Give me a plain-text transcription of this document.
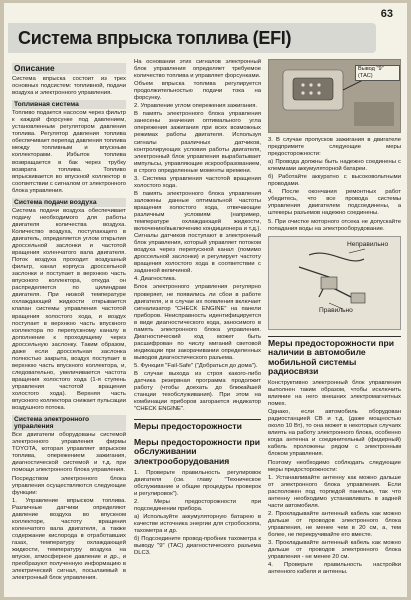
63
Система впрыска топлива (EFI)
Описание

Система впрыска состоит из трех основных подсистем: топливной, подачи воздуха и электронного управления.

Топливная система

Топливо подается насосом через фильтр к каждой форсунке под давлением, установленным регулятором давления топлива. Регулятор давления топлива обеспечивает перепад давления топлива между топливным и впускным коллекторами. Избыток топлива возвращается в бак через трубку возврата топлива. Топливо впрыскивается во впускной коллектор в соответствии с сигналом от электронного блока управления.

Система подачи воздуха

Система подачи воздуха обеспечивает подачу необходимого для работы двигателя количества воздуха. Количество воздуха, поступающего в двигатель, определяется углом открытия дроссельной заслонки и частотой вращения коленчатого вала двигателя. Поток воздуха проходит воздушный фильтр, канал корпуса дроссельной заслонки и поступает в верхнюю часть впускного коллектора, откуда он распределяется по цилиндрам двигателя. При низкой температуре охлаждающей жидкости открывается клапан системы управления частотой вращения холостого хода, и воздух поступает в верхнюю часть впускного коллектора по перепускному каналу в дополнение к проходящему через дроссельную заслонку. Таким образом, даже если дроссельная заслонка полностью закрыта, воздух поступает в верхнюю часть впускного коллектора, и, следовательно, увеличивается частота вращения холостого хода (1-я ступень управления частотой вращения холостого хода). Верхняя часть впускного коллектора снижает пульсации воздушного потока.

Система электронного управления

Все двигатели оборудованы системой электронного управления фирмы TOYOTA, которая управляет впрыском топлива, опережением зажигания, диагностической системой и т.д. при помощи электронного блока управления.

Посредством электронного блока управления осуществляются следующие функции:

1. Управление впрыском топлива. Различные датчики определяют давление воздуха во впускном коллекторе, частоту вращения коленчатого вала двигателя, а также содержание кислорода в отработавших газах, температуру охлаждающей жидкости, температуру воздуха на впуске, атмосферное давление и др., и преобразуют полученную информацию в электрический сигнал, посылаемый в электронный блок управления.

На основании этих сигналов электронный блок управления определяет требуемое количество топлива и управляет форсунками.

Объем впрыска топлива регулируется продолжительностью подачи тока на форсунку.

2. Управление углом опережения зажигания.

В память электронного блока управления занесены значения оптимального угла опережения зажигания при всех возможных режимах работы двигателя. Используя сигналы различных датчиков, контролирующих условия работы двигателя, электронный блок управления вырабатывает импульсы, управляющие искрообразованием, в строго определенные моменты времени.

3. Система управления частотой вращения холостого хода.

В память электронного блока управления заложены данные оптимальной частоты вращения холостого хода, отвечающие различным условиям (например, температуре охлаждающей жидкости, включению/выключению кондиционера и т.д.). Сигналы датчиков поступают в электронный блок управления, который управляет потоком воздуха через перепускной канал (помимо дроссельной заслонки) и регулирует частоту вращения холостого хода в соответствии с заданной величиной.

4. Диагностика.

Блок электронного управления регулярно проверяет, не появились ли сбои в работе двигателя, и в случае их появления включает сигнализатор "CHECK ENGINE" на панели приборов. Неисправность идентифицируется в виде диагностического кода, заносимого в память электронного блока управления. Диагностический код может быть расшифрован по числу миганий световой индикации при закорачивании определенных выводов диагностического разъема.

5. Функция "Fail-Safe" ("Добраться до дома").

В случае выхода из строя какого-либо датчика резервная программа продолжит работу (чтобы доехать до ближайшей станции техобслуживания). При этом на комбинации приборов загорается индикатор "CHECK ENGINE".

Меры предосторожности
Меры предосторожности при обслуживании электрооборудования

1. Проверьте правильность регулировок двигателя (см. главу "Техническое обслуживание и общие процедуры проверок и регулировок").

2. Меры предосторожности при подсоединении прибора.

а) Используйте аккумуляторную батарею в качестве источника энергии для стробоскопа, тахометра и др.

б) Подсоедините провод-пробник тахометра к выводу "9" (ТАС) диагностического разъема DLC3.

Вывод "9" (ТАС)

3. В случае пропусков зажигания в двигателе предпримите следующие меры предосторожности:

а) Провода должны быть надежно соединены с клеммами аккумуляторной батареи.

б) Работайте аккуратно с высоковольтными проводами.

4. После окончания ремонтных работ убедитесь, что все провода системы управления двигателем подсоединены, а штекеры разъемов надежно соединены.

5. При очистке моторного отсека не допускайте попадания воды на электрооборудование.

Неправильно
Правильно
Меры предосторожности при наличии в автомобиле мобильной системы радиосвязи

Конструктивно электронный блок управления выполнен таким образом, чтобы исключить влияние на него внешних электромагнитных помех.

Однако, если автомобиль оборудован радиостанцией CB и т.д. (даже мощностью около 10 Вт), то она может в некоторых случаях влиять на работу электронного блока, особенно когда антенна и соединительный (фидерный) кабель проложены рядом с электронным блоком управления.

Поэтому необходимо соблюдать следующие меры предосторожности:

1. Устанавливайте антенну как можно дальше от электронного блока управления. Если расположен под торпедой панелью, так что антенну необходимо устанавливать в задней части автомобиля.

2. Прокладывайте антенный кабель как можно дальше от проводов электронного блока управления, не менее чем в 20 см, а, тем более, не перекручивайте его вместе.

3. Прокладывайте антенный кабель как можно дальше от проводов электронного блока управления - не менее 20 см.

4. Проверьте правильность настройки антенного кабеля и антенны.
